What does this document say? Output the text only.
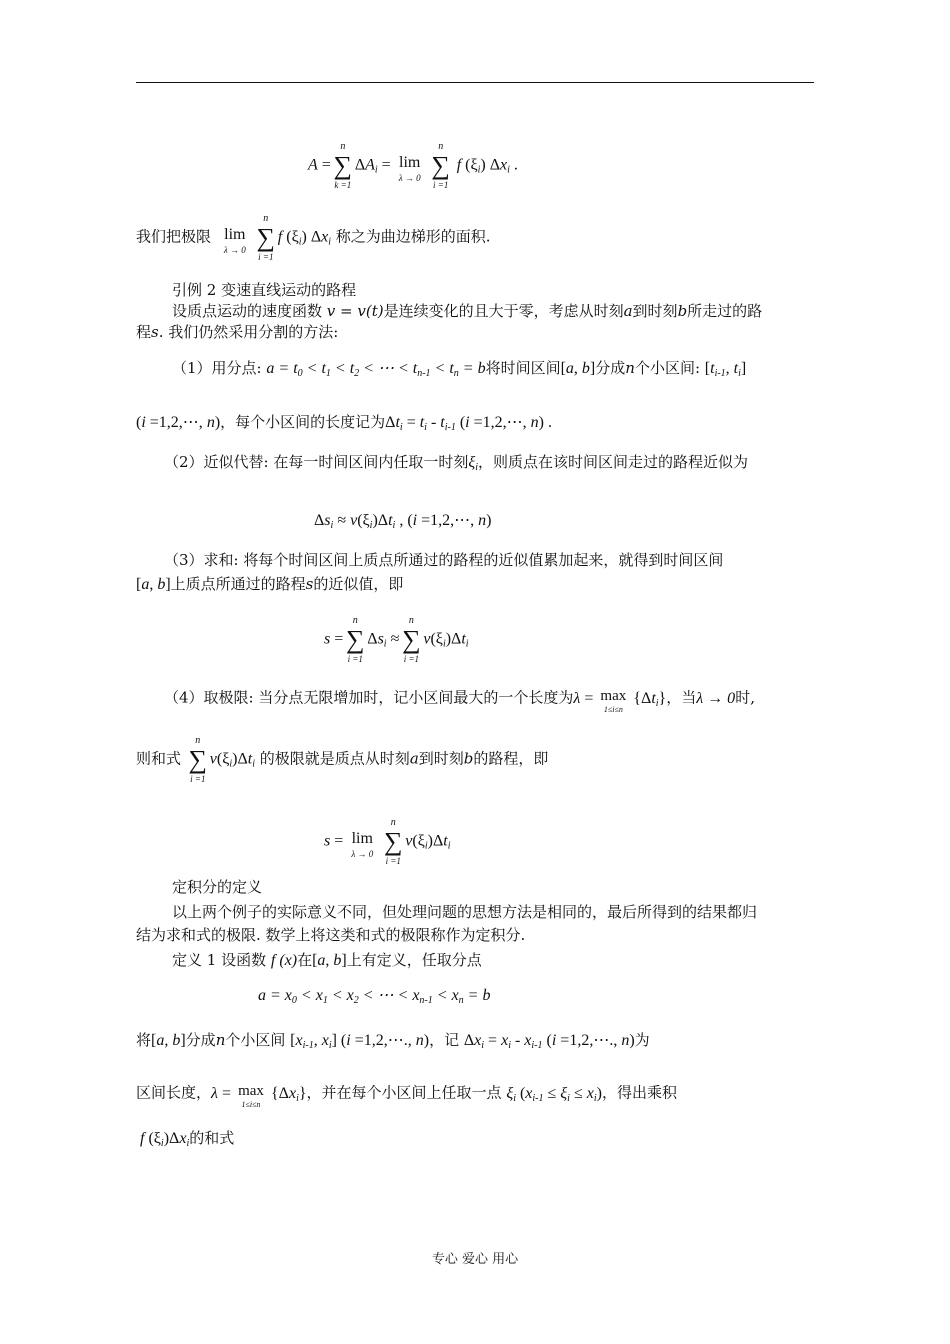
A =
n
∑
k =1
$\Delta A_i = \lim$
λ → 0
n
∑
i =1
f $(\xi_i)$ $\Delta x_i$ .
我们把极限 lim
λ → 0
n
∑
i =1
f $(\xi_i)$ $\Delta x_i$ 称之为曲边梯形的面积.
引例 2 变速直线运动的路程
设质点运动的速度函数 v = v(t)是连续变化的且大于零，考虑从时刻a到时刻b所走过的路
程s. 我们仍然采用分割的方法:
（1）用分点: $a = t_0 < t_1 < t_2$ < ⋯ < $t_{n-1} < t_n = b$将时间区间[a, b]分成n个小区间: [$t_{i-1}$, $t_i$]
(i =1,2,⋯, n)，每个小区间的长度记为$\Delta t_i = t_i - t_{i-1}$ (i =1,2,⋯, n) .
（2）近似代替: 在每一时间区间内任取一时刻$\xi_i$，则质点在该时间区间走过的路程近似为
$\Delta s_i \approx v(\xi_i)\Delta t_i$ , (i =1,2,⋯, n)
（3）求和: 将每个时间区间上质点所通过的路程的近似值累加起来，就得到时间区间
[a, b]上质点所通过的路程s的近似值，即
s =
n
∑
i =1
$\Delta s_i$ ≈
n
∑
i =1
$v(\xi_i)\Delta t_i$
（4）取极限: 当分点无限增加时，记小区间最大的一个长度为λ = max
1≤i≤n
$\{\Delta t_i\}$，当λ → 0时,
则和式
n
∑
i =1
$v(\xi_i)\Delta t_i$ 的极限就是质点从时刻a到时刻b的路程，即
s = lim
λ → 0
n
∑
i =1
$v(\xi_i)\Delta t_i$
定积分的定义
以上两个例子的实际意义不同，但处理问题的思想方法是相同的，最后所得到的结果都归
结为求和式的极限. 数学上将这类和式的极限称作为定积分.
定义 1 设函数 f (x)在[a, b]上有定义，任取分点
$a = x_0 < x_1 < x_2$ < ⋯ < $x_{n-1} < x_n = b$
将[a, b]分成n个小区间 [$x_{i-1}$, $x_i$] (i =1,2,⋯., n)，记 $\Delta x_i = x_i - x_{i-1}$ (i =1,2,⋯., n)为
区间长度，λ = max
1≤i≤n
$\{\Delta x_i\}$，并在每个小区间上任取一点 $\xi_i$ $(x_{i-1} \le \xi_i \le x_i)$，得出乘积
f $(\xi_i)\Delta x_i$的和式
专心 爱心 用心
